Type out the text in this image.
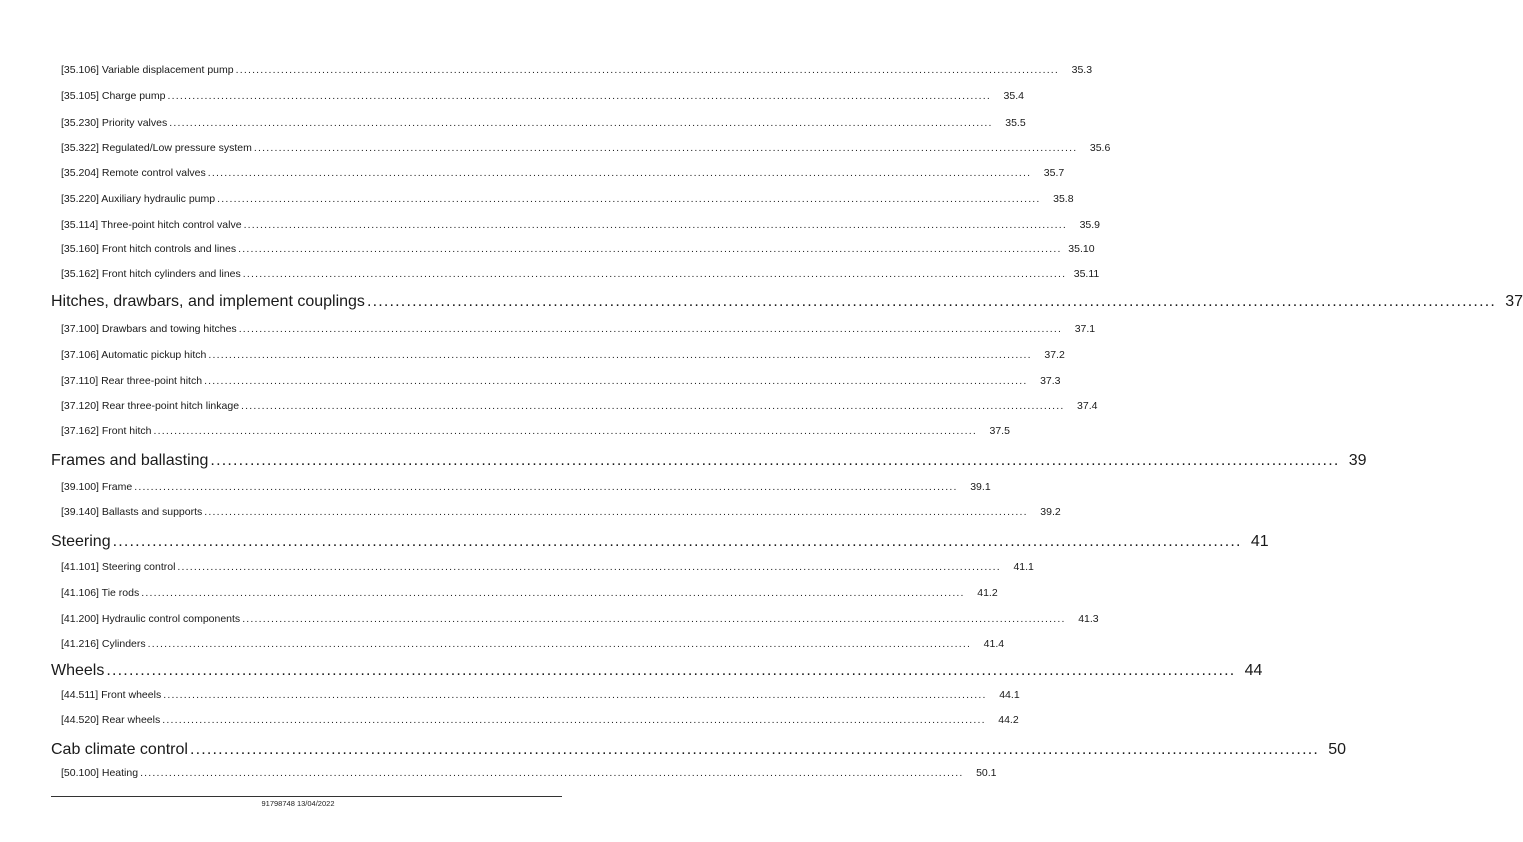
[35.106] Variable displacement pump ........................................................................................................................................................................................................	35.3
[35.105] Charge pump ........................................................................................................................................................................................................	35.4
[35.230] Priority valves ........................................................................................................................................................................................................	35.5
[35.322] Regulated/Low pressure system ........................................................................................................................................................................................................	35.6
[35.204] Remote control valves ........................................................................................................................................................................................................	35.7
[35.220] Auxiliary hydraulic pump ........................................................................................................................................................................................................	35.8
[35.114] Three-point hitch control valve ........................................................................................................................................................................................................	35.9
[35.160] Front hitch controls and lines ........................................................................................................................................................................................................ 35.10
[35.162] Front hitch cylinders and lines ........................................................................................................................................................................................................ 35.11
Hitches, drawbars, and implement couplings ........................................................................................................................................................................................................ 37
[37.100] Drawbars and towing hitches ........................................................................................................................................................................................................	37.1
[37.106] Automatic pickup hitch ........................................................................................................................................................................................................	37.2
[37.110] Rear three-point hitch ........................................................................................................................................................................................................	37.3
[37.120] Rear three-point hitch linkage ........................................................................................................................................................................................................	37.4
[37.162] Front hitch ........................................................................................................................................................................................................	37.5
Frames and ballasting ........................................................................................................................................................................................................ 39
[39.100] Frame ........................................................................................................................................................................................................	39.1
[39.140] Ballasts and supports ........................................................................................................................................................................................................	39.2
Steering ........................................................................................................................................................................................................ 41
[41.101] Steering control ........................................................................................................................................................................................................	41.1
[41.106] Tie rods ........................................................................................................................................................................................................	41.2
[41.200] Hydraulic control components ........................................................................................................................................................................................................	41.3
[41.216] Cylinders ........................................................................................................................................................................................................	41.4
Wheels ........................................................................................................................................................................................................ 44
[44.511] Front wheels ........................................................................................................................................................................................................	44.1
[44.520] Rear wheels ........................................................................................................................................................................................................	44.2
Cab climate control ........................................................................................................................................................................................................ 50
[50.100] Heating ........................................................................................................................................................................................................	50.1
91798748 13/04/2022
